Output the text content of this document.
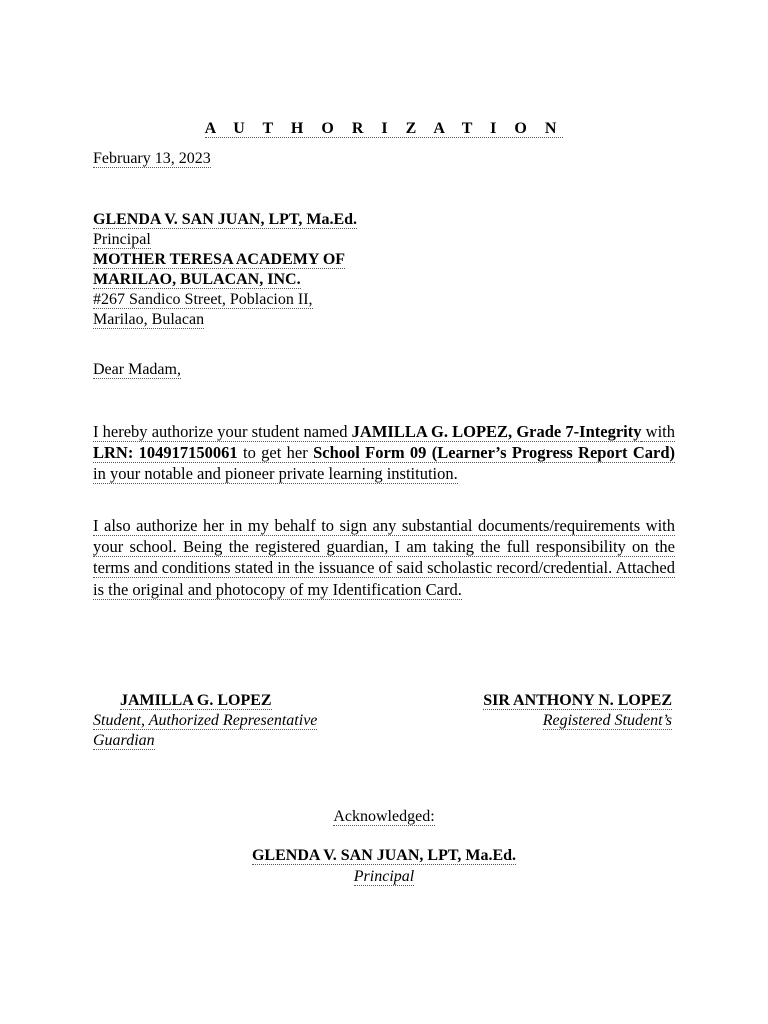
A U T H O R I Z A T I O N
February 13, 2023
GLENDA V. SAN JUAN, LPT, Ma.Ed.
Principal
MOTHER TERESA ACADEMY OF
MARILAO, BULACAN, INC.
#267 Sandico Street, Poblacion II,
Marilao, Bulacan
Dear Madam,
I hereby authorize your student named JAMILLA G. LOPEZ, Grade 7-Integrity with LRN: 104917150061 to get her School Form 09 (Learner’s Progress Report Card) in your notable and pioneer private learning institution.
I also authorize her in my behalf to sign any substantial documents/requirements with your school. Being the registered guardian, I am taking the full responsibility on the terms and conditions stated in the issuance of said scholastic record/credential. Attached is the original and photocopy of my Identification Card.
JAMILLA G. LOPEZ	SIR ANTHONY N. LOPEZ
Student, Authorized Representative	Registered Student’s
Guardian
Acknowledged:
GLENDA V. SAN JUAN, LPT, Ma.Ed.
Principal
